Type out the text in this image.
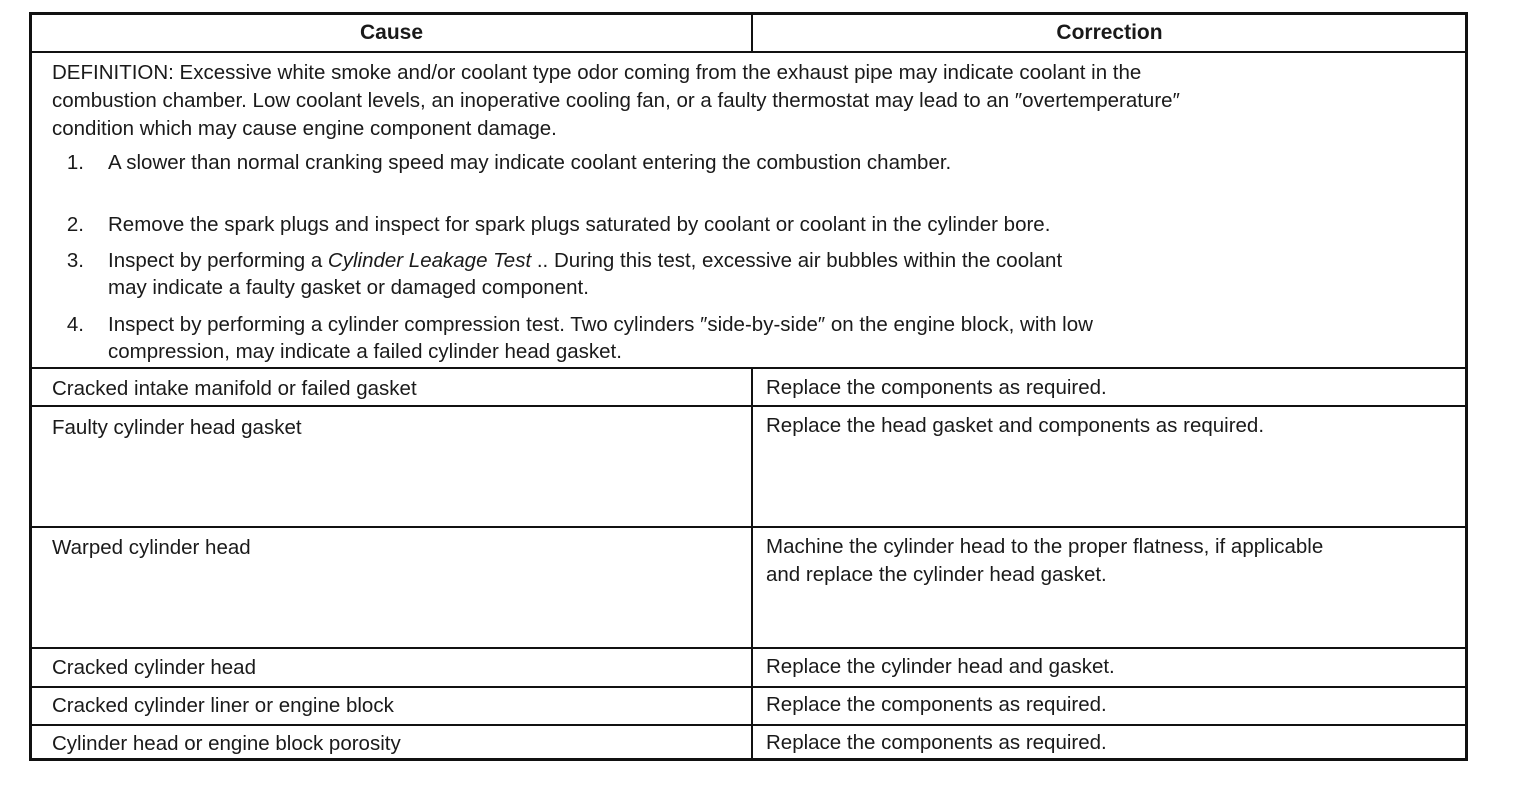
Cause	Correction
DEFINITION: Excessive white smoke and/or coolant type odor coming from the exhaust pipe may indicate coolant in the
combustion chamber. Low coolant levels, an inoperative cooling fan, or a faulty thermostat may lead to an ″overtemperature″
condition which may cause engine component damage.
1. A slower than normal cranking speed may indicate coolant entering the combustion chamber.
2. Remove the spark plugs and inspect for spark plugs saturated by coolant or coolant in the cylinder bore.
3. Inspect by performing a Cylinder Leakage Test .. During this test, excessive air bubbles within the coolant
may indicate a faulty gasket or damaged component.
4. Inspect by performing a cylinder compression test. Two cylinders ″side-by-side″ on the engine block, with low
compression, may indicate a failed cylinder head gasket.
Cracked intake manifold or failed gasket	Replace the components as required.
Faulty cylinder head gasket	Replace the head gasket and components as required.
Warped cylinder head	Machine the cylinder head to the proper flatness, if applicable
and replace the cylinder head gasket.
Cracked cylinder head	Replace the cylinder head and gasket.
Cracked cylinder liner or engine block	Replace the components as required.
Cylinder head or engine block porosity	Replace the components as required.
